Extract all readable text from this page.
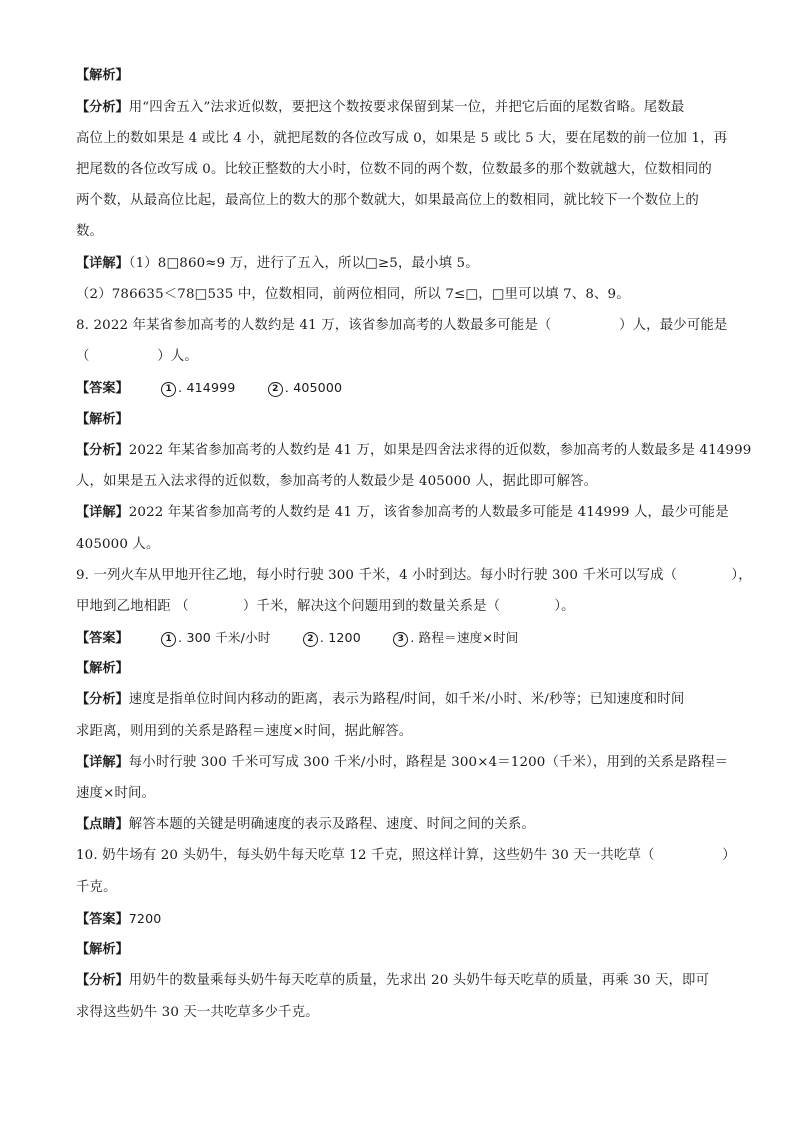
【解析】
【分析】用“四舍五入”法求近似数，要把这个数按要求保留到某一位，并把它后面的尾数省略。尾数最
高位上的数如果是 4 或比 4 小，就把尾数的各位改写成 0，如果是 5 或比 5 大，要在尾数的前一位加 1，再
把尾数的各位改写成 0。比较正整数的大小时，位数不同的两个数，位数最多的那个数就越大，位数相同的
两个数，从最高位比起，最高位上的数大的那个数就大，如果最高位上的数相同，就比较下一个数位上的
数。
【详解】（1）8□860≈9 万，进行了五入，所以□≥5，最小填 5。
（2）786635＜78□535 中，位数相同，前两位相同，所以 7≤□，□里可以填 7、8、9。
8. 2022 年某省参加高考的人数约是 41 万，该省参加高考的人数最多可能是（　　　　　）人，最少可能是
（　　　　　）人。
【答案】	1 . 414999	2 . 405000
【解析】
【分析】2022 年某省参加高考的人数约是 41 万，如果是四舍法求得的近似数，参加高考的人数最多是 414999
人，如果是五入法求得的近似数，参加高考的人数最少是 405000 人，据此即可解答。
【详解】2022 年某省参加高考的人数约是 41 万，该省参加高考的人数最多可能是 414999 人，最少可能是
405000 人。
9. 一列火车从甲地开往乙地，每小时行驶 300 千米，4 小时到达。每小时行驶 300 千米可以写成（　　　　），
甲地到乙地相距 （　　　　）千米，解决这个问题用到的数量关系是（　　　　）。
【答案】	1 . 300 千米/小时	2 . 1200	3 . 路程＝速度×时间
【解析】
【分析】速度是指单位时间内移动的距离，表示为路程/时间，如千米/小时、米/秒等；已知速度和时间
求距离，则用到的关系是路程＝速度×时间，据此解答。
【详解】每小时行驶 300 千米可写成 300 千米/小时，路程是 300×4＝1200（千米），用到的关系是路程＝
速度×时间。
【点睛】解答本题的关键是明确速度的表示及路程、速度、时间之间的关系。
10. 奶牛场有 20 头奶牛，每头奶牛每天吃草 12 千克，照这样计算，这些奶牛 30 天一共吃草（　　　　　）
千克。
【答案】7200
【解析】
【分析】用奶牛的数量乘每头奶牛每天吃草的质量，先求出 20 头奶牛每天吃草的质量，再乘 30 天，即可
求得这些奶牛 30 天一共吃草多少千克。
